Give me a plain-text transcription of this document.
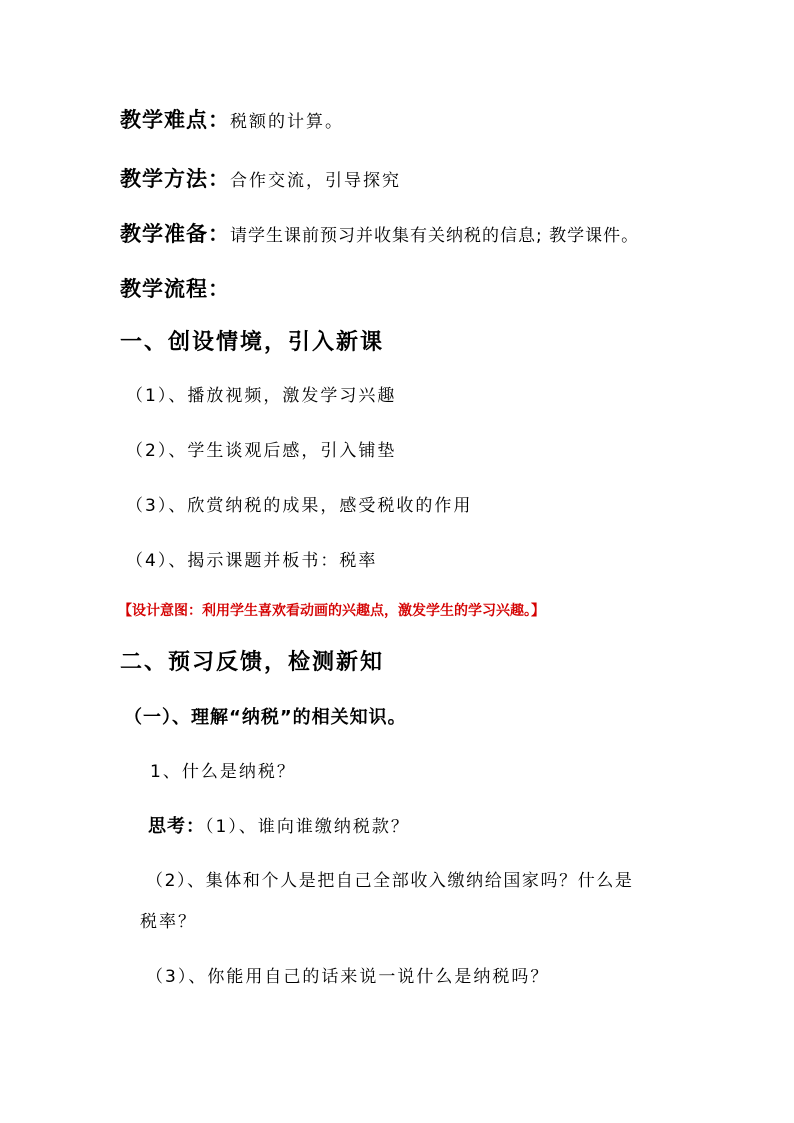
教学难点：税额的计算。
教学方法：合作交流，引导探究
教学准备：请学生课前预习并收集有关纳税的信息; 教学课件。
教学流程：
一、创设情境，引入新课
（1）、播放视频，激发学习兴趣
（2）、学生谈观后感，引入铺垫
（3）、欣赏纳税的成果，感受税收的作用
（4）、揭示课题并板书：税率
【设计意图：利用学生喜欢看动画的兴趣点，激发学生的学习兴趣。】
二、预习反馈，检测新知
（一）、理解“纳税”的相关知识。
1、什么是纳税？
思考：（1）、谁向谁缴纳税款？
（2）、集体和个人是把自己全部收入缴纳给国家吗？什么是
税率？
（3）、你能用自己的话来说一说什么是纳税吗？
